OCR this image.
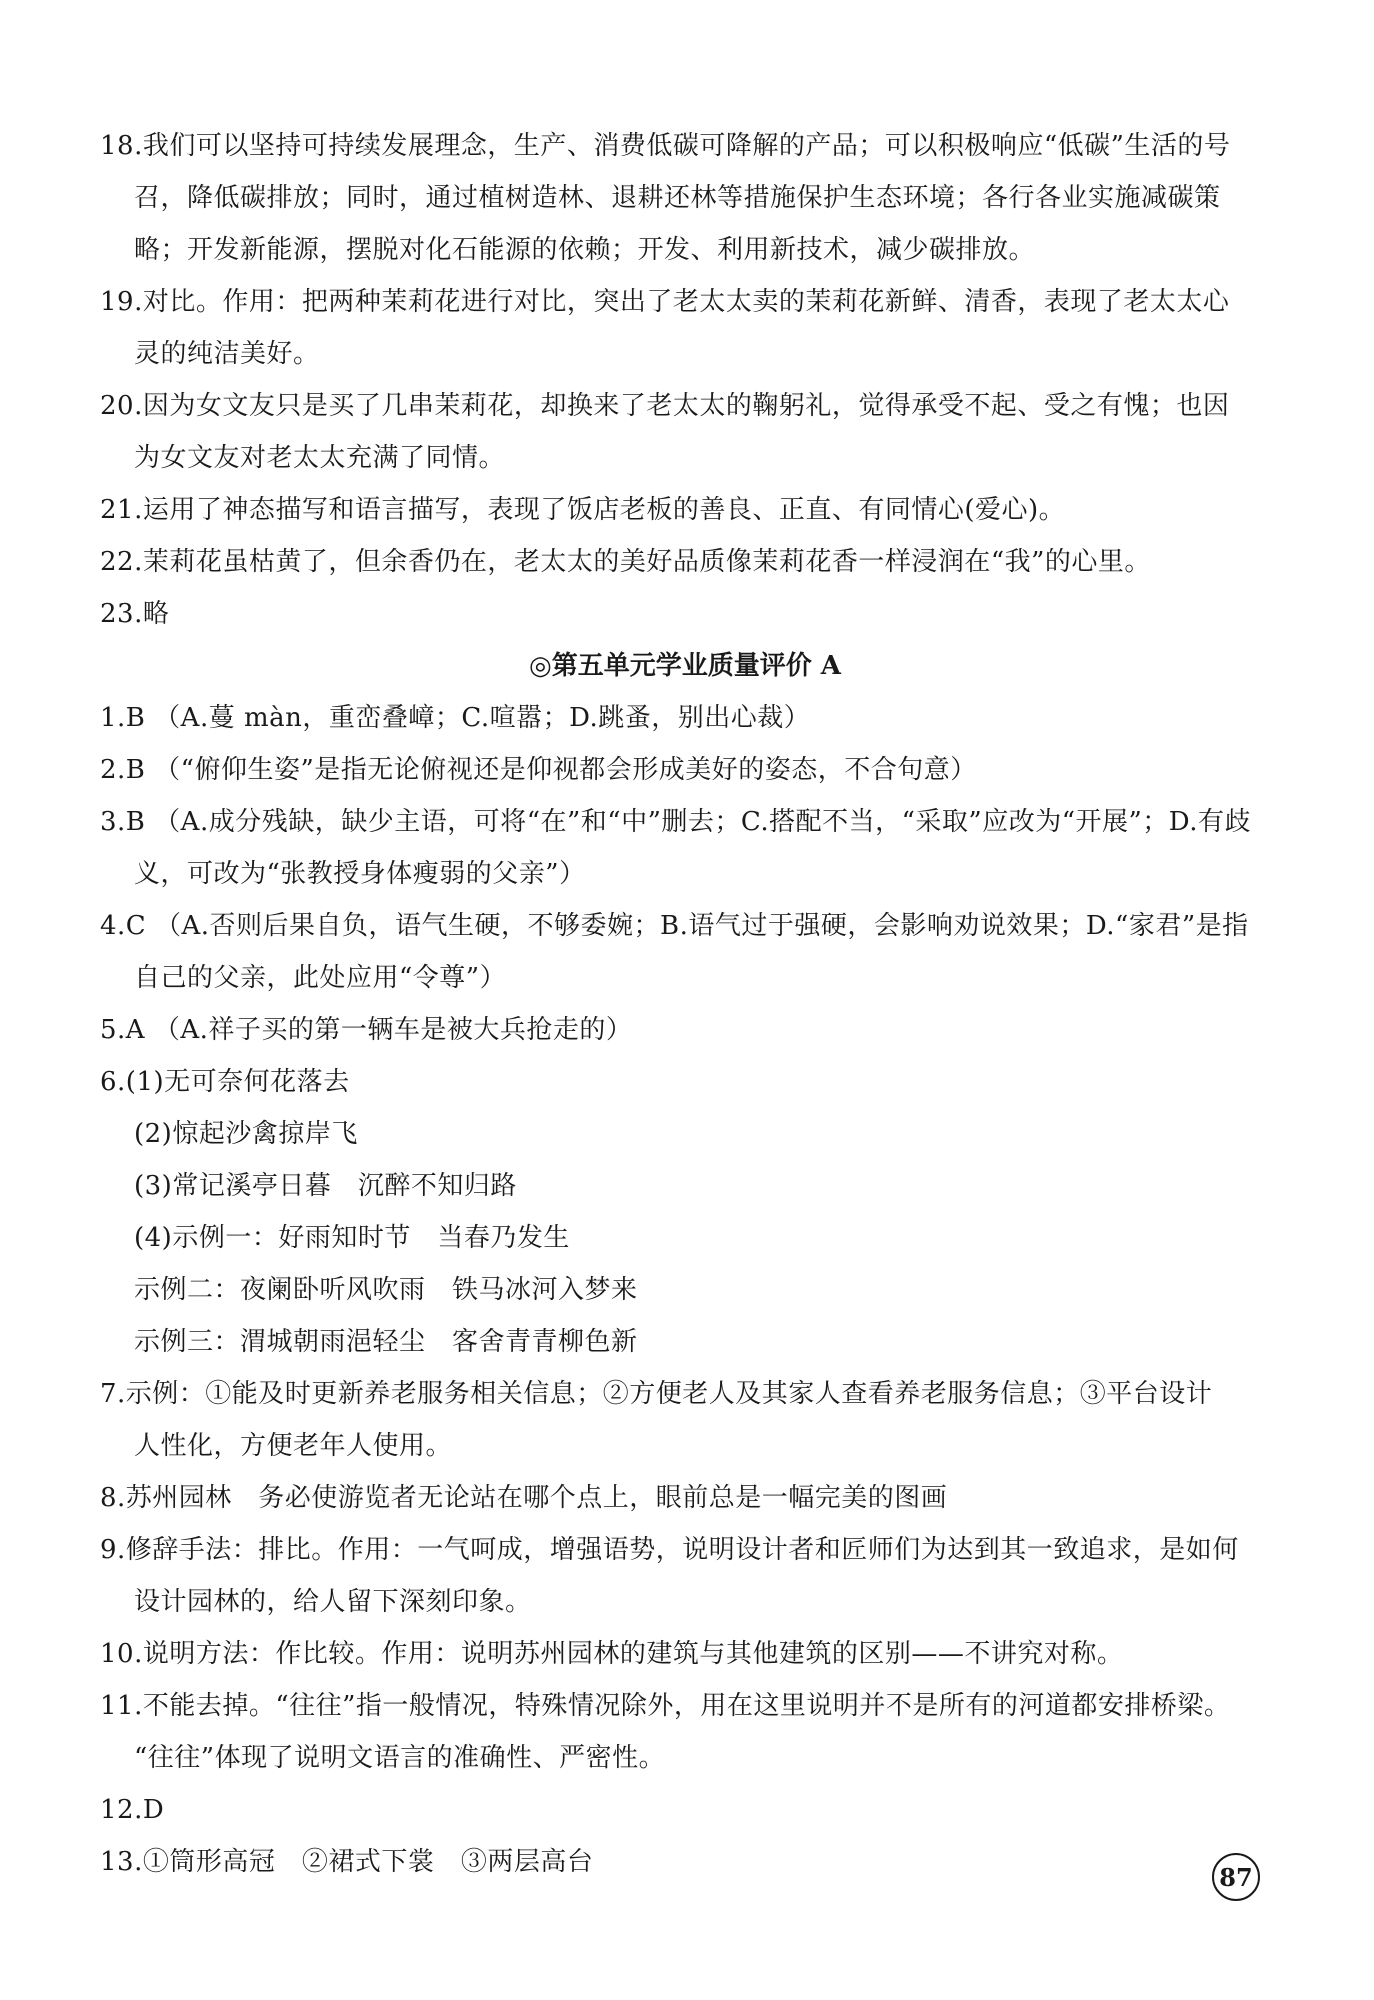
18.我们可以坚持可持续发展理念，生产、消费低碳可降解的产品；可以积极响应“低碳”生活的号
召，降低碳排放；同时，通过植树造林、退耕还林等措施保护生态环境；各行各业实施减碳策
略；开发新能源，摆脱对化石能源的依赖；开发、利用新技术，减少碳排放。
19.对比。作用：把两种茉莉花进行对比，突出了老太太卖的茉莉花新鲜、清香，表现了老太太心
灵的纯洁美好。
20.因为女文友只是买了几串茉莉花，却换来了老太太的鞠躬礼，觉得承受不起、受之有愧；也因
为女文友对老太太充满了同情。
21.运用了神态描写和语言描写，表现了饭店老板的善良、正直、有同情心(爱心)。
22.茉莉花虽枯黄了，但余香仍在，老太太的美好品质像茉莉花香一样浸润在“我”的心里。
23.略
◎第五单元学业质量评价 A
1.B （A.蔓 màn，重峦叠嶂；C.喧嚣；D.跳蚤，别出心裁）
2.B （“俯仰生姿”是指无论俯视还是仰视都会形成美好的姿态，不合句意）
3.B （A.成分残缺，缺少主语，可将“在”和“中”删去；C.搭配不当，“采取”应改为“开展”；D.有歧
义，可改为“张教授身体瘦弱的父亲”）
4.C （A.否则后果自负，语气生硬，不够委婉；B.语气过于强硬，会影响劝说效果；D.“家君”是指
自己的父亲，此处应用“令尊”）
5.A （A.祥子买的第一辆车是被大兵抢走的）
6.(1)无可奈何花落去
(2)惊起沙禽掠岸飞
(3)常记溪亭日暮　沉醉不知归路
(4)示例一：好雨知时节　当春乃发生
示例二：夜阑卧听风吹雨　铁马冰河入梦来
示例三：渭城朝雨浥轻尘　客舍青青柳色新
7.示例：①能及时更新养老服务相关信息；②方便老人及其家人查看养老服务信息；③平台设计
人性化，方便老年人使用。
8.苏州园林　务必使游览者无论站在哪个点上，眼前总是一幅完美的图画
9.修辞手法：排比。作用：一气呵成，增强语势，说明设计者和匠师们为达到其一致追求，是如何
设计园林的，给人留下深刻印象。
10.说明方法：作比较。作用：说明苏州园林的建筑与其他建筑的区别——不讲究对称。
11.不能去掉。“往往”指一般情况，特殊情况除外，用在这里说明并不是所有的河道都安排桥梁。
“往往”体现了说明文语言的准确性、严密性。
12.D
13.①筒形高冠　②裙式下裳　③两层高台	87
